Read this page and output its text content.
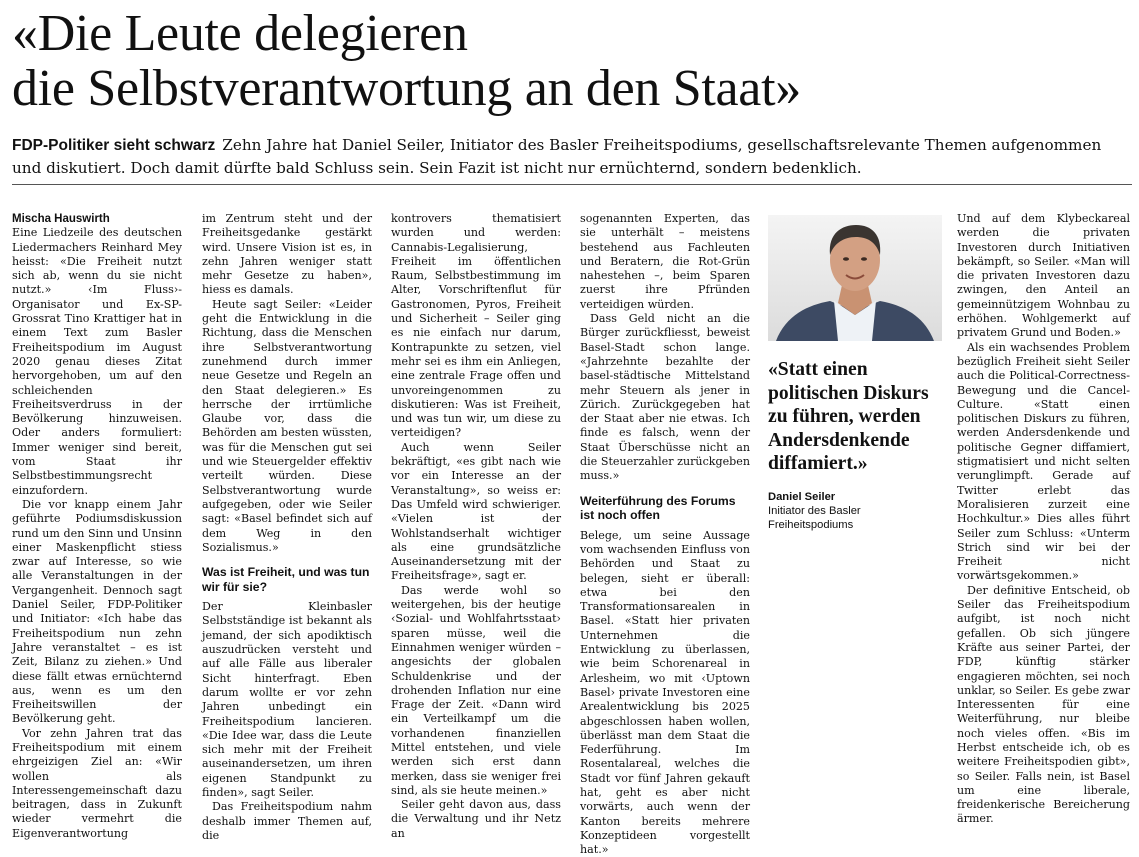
«Die Leute delegieren
die Selbstverantwortung an den Staat»
FDP-Politiker sieht schwarz Zehn Jahre hat Daniel Seiler, Initiator des Basler Freiheitspodiums, gesellschaftsrelevante Themen aufgenommen und diskutiert. Doch damit dürfte bald Schluss sein. Sein Fazit ist nicht nur ernüchternd, sondern bedenklich.

Mischa Hauswirth

Eine Liedzeile des deutschen Liedermachers Reinhard Mey heisst: «Die Freiheit nutzt sich ab, wenn du sie nicht nutzt.» ‹Im Fluss›-Organisator und Ex-SP-Grossrat Tino Krattiger hat in einem Text zum Basler Freiheitspodium im August 2020 genau dieses Zitat hervorgehoben, um auf den schleichenden Freiheitsverdruss in der Bevölkerung hinzuweisen. Oder anders formuliert: Immer weniger sind bereit, vom Staat ihr Selbstbestimmungsrecht einzufordern.

Die vor knapp einem Jahr geführte Podiumsdiskussion rund um den Sinn und Unsinn einer Maskenpflicht stiess zwar auf Interesse, so wie alle Veranstaltungen in der Vergangenheit. Dennoch sagt Daniel Seiler, FDP-Politiker und Initiator: «Ich habe das Freiheitspodium nun zehn Jahre veranstaltet – es ist Zeit, Bilanz zu ziehen.» Und diese fällt etwas ernüchternd aus, wenn es um den Freiheitswillen der Bevölkerung geht.

Vor zehn Jahren trat das Freiheitspodium mit einem ehrgeizigen Ziel an: «Wir wollen als Interessengemeinschaft dazu beitragen, dass in Zukunft wieder vermehrt die Eigenverantwortung

im Zentrum steht und der Freiheitsgedanke gestärkt wird. Unsere Vision ist es, in zehn Jahren weniger statt mehr Gesetze zu haben», hiess es damals.

Heute sagt Seiler: «Leider geht die Entwicklung in die Richtung, dass die Menschen ihre Selbstverantwortung zunehmend durch immer neue Gesetze und Regeln an den Staat delegieren.» Es herrsche der irrtümliche Glaube vor, dass die Behörden am besten wüssten, was für die Menschen gut sei und wie Steuergelder effektiv verteilt würden. Diese Selbstverantwortung wurde aufgegeben, oder wie Seiler sagt: «Basel befindet sich auf dem Weg in den Sozialismus.»

Was ist Freiheit, und was tun wir für sie?

Der Kleinbasler Selbstständige ist bekannt als jemand, der sich apodiktisch auszudrücken versteht und auf alle Fälle aus liberaler Sicht hinterfragt. Eben darum wollte er vor zehn Jahren unbedingt ein Freiheitspodium lancieren. «Die Idee war, dass die Leute sich mehr mit der Freiheit auseinandersetzen, um ihren eigenen Standpunkt zu finden», sagt Seiler.

Das Freiheitspodium nahm deshalb immer Themen auf, die

kontrovers thematisiert wurden und werden: Cannabis-Legalisierung, Freiheit im öffentlichen Raum, Selbstbestimmung im Alter, Vorschriftenflut für Gastronomen, Pyros, Freiheit und Sicherheit – Seiler ging es nie einfach nur darum, Kontrapunkte zu setzen, viel mehr sei es ihm ein Anliegen, eine zentrale Frage offen und unvoreingenommen zu diskutieren: Was ist Freiheit, und was tun wir, um diese zu verteidigen?

Auch wenn Seiler bekräftigt, «es gibt nach wie vor ein Interesse an der Veranstaltung», so weiss er: Das Umfeld wird schwieriger. «Vielen ist der Wohlstandserhalt wichtiger als eine grundsätzliche Auseinandersetzung mit der Freiheitsfrage», sagt er.

Das werde wohl so weitergehen, bis der heutige ‹Sozial- und Wohlfahrtsstaat› sparen müsse, weil die Einnahmen weniger würden – angesichts der globalen Schuldenkrise und der drohenden Inflation nur eine Frage der Zeit. «Dann wird ein Verteilkampf um die vorhandenen finanziellen Mittel entstehen, und viele werden sich erst dann merken, dass sie weniger frei sind, als sie heute meinen.»

Seiler geht davon aus, dass die Verwaltung und ihr Netz an

sogenannten Experten, das sie unterhält – meistens bestehend aus Fachleuten und Beratern, die Rot-Grün nahestehen –, beim Sparen zuerst ihre Pfründen verteidigen würden.

Dass Geld nicht an die Bürger zurückfliesst, beweist Basel-Stadt schon lange. «Jahrzehnte bezahlte der basel-städtische Mittelstand mehr Steuern als jener in Zürich. Zurückgegeben hat der Staat aber nie etwas. Ich finde es falsch, wenn der Staat Überschüsse nicht an die Steuerzahler zurückgeben muss.»

Weiterführung des Forums ist noch offen

Belege, um seine Aussage vom wachsenden Einfluss von Behörden und Staat zu belegen, sieht er überall: etwa bei den Transformationsarealen in Basel. «Statt hier privaten Unternehmen die Entwicklung zu überlassen, wie beim Schorenareal in Arlesheim, wo mit ‹Uptown Basel› private Investoren eine Arealentwicklung bis 2025 abgeschlossen haben wollen, überlässt man dem Staat die Federführung. Im Rosentalareal, welches die Stadt vor fünf Jahren gekauft hat, geht es aber nicht vorwärts, auch wenn der Kanton bereits mehrere Konzeptideen vorgestellt hat.»

«Statt einen politischen Diskurs zu führen, werden Andersdenkende diffamiert.»
Daniel Seiler
Initiator des Basler Freiheitspodiums

Und auf dem Klybeckareal werden die privaten Investoren durch Initiativen bekämpft, so Seiler. «Man will die privaten Investoren dazu zwingen, den Anteil an gemeinnützigem Wohnbau zu erhöhen. Wohlgemerkt auf privatem Grund und Boden.»

Als ein wachsendes Problem bezüglich Freiheit sieht Seiler auch die Political-Correctness-Bewegung und die Cancel-Culture. «Statt einen politischen Diskurs zu führen, werden Andersdenkende und politische Gegner diffamiert, stigmatisiert und nicht selten verunglimpft. Gerade auf Twitter erlebt das Moralisieren zurzeit eine Hochkultur.» Dies alles führt Seiler zum Schluss: «Unterm Strich sind wir bei der Freiheit nicht vorwärtsgekommen.»

Der definitive Entscheid, ob Seiler das Freiheitspodium aufgibt, ist noch nicht gefallen. Ob sich jüngere Kräfte aus seiner Partei, der FDP, künftig stärker engagieren möchten, sei noch unklar, so Seiler. Es gebe zwar Interessenten für eine Weiterführung, nur bleibe noch vieles offen. «Bis im Herbst entscheide ich, ob es weitere Freiheitspodien gibt», so Seiler. Falls nein, ist Basel um eine liberale, freidenkerische Bereicherung ärmer.
